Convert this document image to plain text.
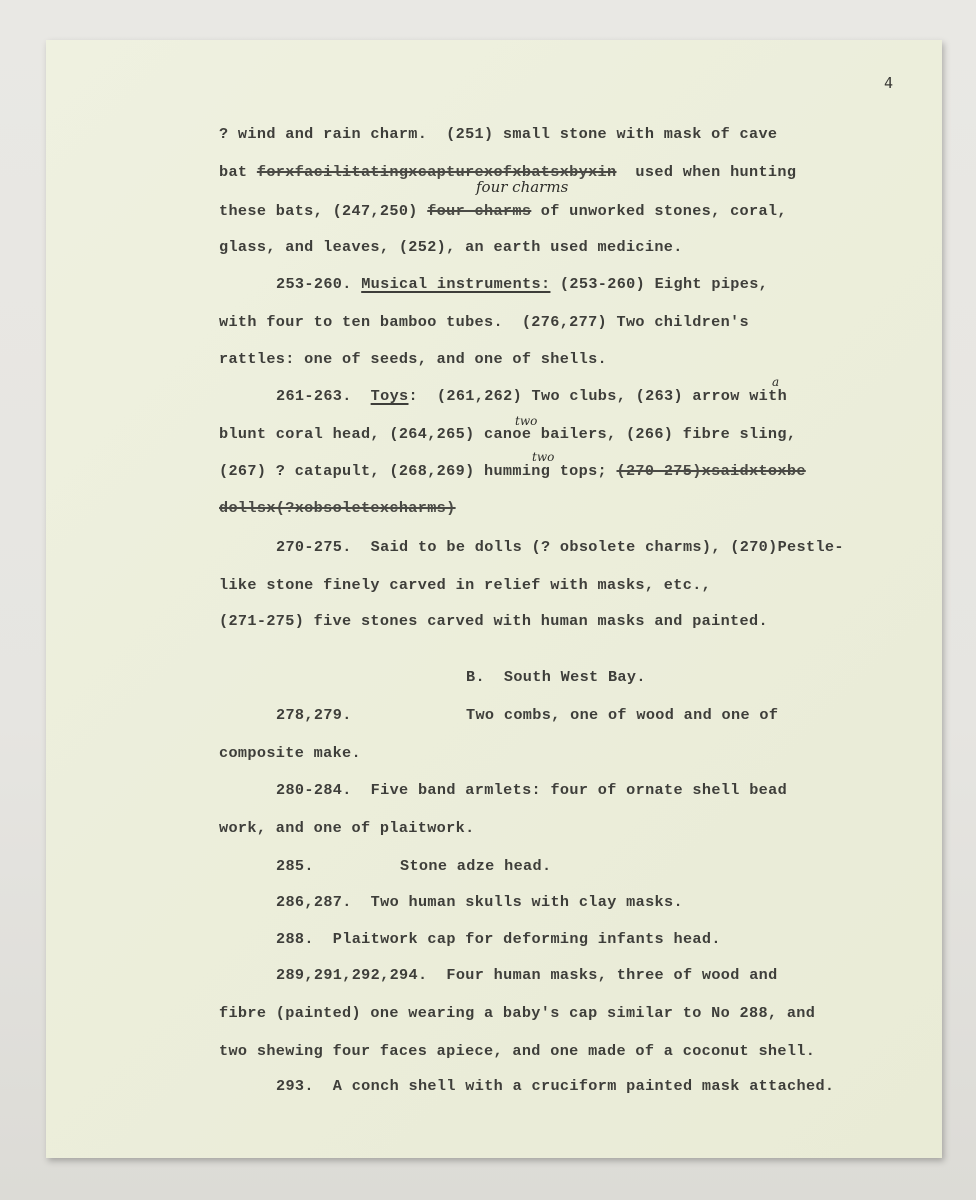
4
four charms
a
two
two
? wind and rain charm.  (251) small stone with mask of cave
bat forxfacilitatingxcapturexofxbatsxbyxin  used when hunting
these bats, (247,250) four charms of unworked stones, coral,
glass, and leaves, (252), an earth used medicine.
253-260. Musical instruments: (253-260) Eight pipes,
with four to ten bamboo tubes.  (276,277) Two children's
rattles: one of seeds, and one of shells.
261-263.  Toys:  (261,262) Two clubs, (263) arrow with
blunt coral head, (264,265) canoe bailers, (266) fibre sling,
(267) ? catapult, (268,269) humming tops; (270-275)xsaidxtoxbe
dollsx(?xobsoletexcharms)
270-275.  Said to be dolls (? obsolete charms), (270)Pestle-
like stone finely carved in relief with masks, etc.,
(271-275) five stones carved with human masks and painted.
B.  South West Bay.
278,279.	Two combs, one of wood and one of
composite make.
280-284.  Five band armlets: four of ornate shell bead
work, and one of plaitwork.
285.	Stone adze head.
286,287.  Two human skulls with clay masks.
288.  Plaitwork cap for deforming infants head.
289,291,292,294.  Four human masks, three of wood and
fibre (painted) one wearing a baby's cap similar to No 288, and
two shewing four faces apiece, and one made of a coconut shell.
293.  A conch shell with a cruciform painted mask attached.
